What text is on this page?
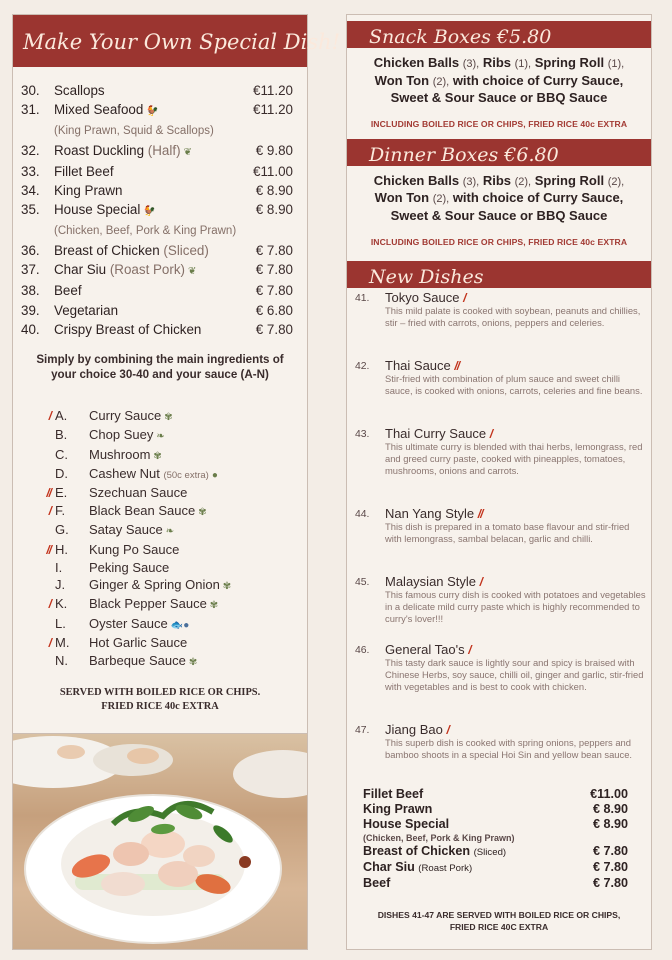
Make Your Own Special Dish!
30.	Scallops	€11.20
31.	Mixed Seafood 🐓	€11.20
(King Prawn, Squid & Scallops)
32.	Roast Duckling (Half) ❦	€ 9.80
33.	Fillet Beef	€11.00
34.	King Prawn	€ 8.90
35.	House Special 🐓	€ 8.90
(Chicken, Beef, Pork & King Prawn)
36.	Breast of Chicken (Sliced)	€ 7.80
37.	Char Siu (Roast Pork) ❦	€ 7.80
38.	Beef	€ 7.80
39.	Vegetarian	€ 6.80
40.	Crispy Breast of Chicken	€ 7.80
Simply by combining the main ingredients of your choice 30-40 and your sauce (A-N)
/ A.	Curry Sauce ✾
B.	Chop Suey ❧
C.	Mushroom ✾
D.	Cashew Nut (50c extra) ●
// E.	Szechuan Sauce
/ F.	Black Bean Sauce ✾
G.	Satay Sauce ❧
// H.	Kung Po Sauce
I.	Peking Sauce
J.	Ginger & Spring Onion ✾
/ K.	Black Pepper Sauce ✾
L.	Oyster Sauce 🐟●
/ M.	Hot Garlic Sauce
N.	Barbeque Sauce ✾
SERVED WITH BOILED RICE OR CHIPS.
FRIED RICE 40c EXTRA
Snack Boxes €5.80
Chicken Balls (3), Ribs (1), Spring Roll (1),
Won Ton (2), with choice of Curry Sauce,
Sweet & Sour Sauce or BBQ Sauce
INCLUDING BOILED RICE OR CHIPS, FRIED RICE 40c EXTRA
Dinner Boxes €6.80
Chicken Balls (3), Ribs (2), Spring Roll (2),
Won Ton (2), with choice of Curry Sauce,
Sweet & Sour Sauce or BBQ Sauce
INCLUDING BOILED RICE OR CHIPS, FRIED RICE 40c EXTRA
New Dishes
41.	Tokyo Sauce /
This mild palate is cooked with soybean, peanuts and chillies, stir – fried with carrots, onions, peppers and celeries.
42.	Thai Sauce //
Stir-fried with combination of plum sauce and sweet chilli sauce, is cooked with onions, carrots, celeries and fine beans.
43.	Thai Curry Sauce /
This ultimate curry is blended with thai herbs, lemongrass, red and greed curry paste, cooked with pineapples, tomatoes, mushrooms, onions and carrots.
44.	Nan Yang Style //
This dish is prepared in a tomato base flavour and stir-fried with lemongrass, sambal belacan, garlic and chilli.
45.	Malaysian Style /
This famous curry dish is cooked with potatoes and vegetables in a delicate mild curry paste which is highly recommended to curry's lover!!!
46.	General Tao's /
This tasty dark sauce is lightly sour and spicy is braised with Chinese Herbs, soy sauce, chilli oil, ginger and garlic, stir-fried with vegetables and is best to cook with chicken.
47.	Jiang Bao /
This superb dish is cooked with spring onions, peppers and bamboo shoots in a special Hoi Sin and yellow bean sauce.
Fillet Beef	€11.00
King Prawn	€ 8.90
House Special	€ 8.90
(Chicken, Beef, Pork & King Prawn)
Breast of Chicken (Sliced)	€ 7.80
Char Siu (Roast Pork)	€ 7.80
Beef	€ 7.80
DISHES 41-47 ARE SERVED WITH BOILED RICE OR CHIPS,
FRIED RICE 40C EXTRA
